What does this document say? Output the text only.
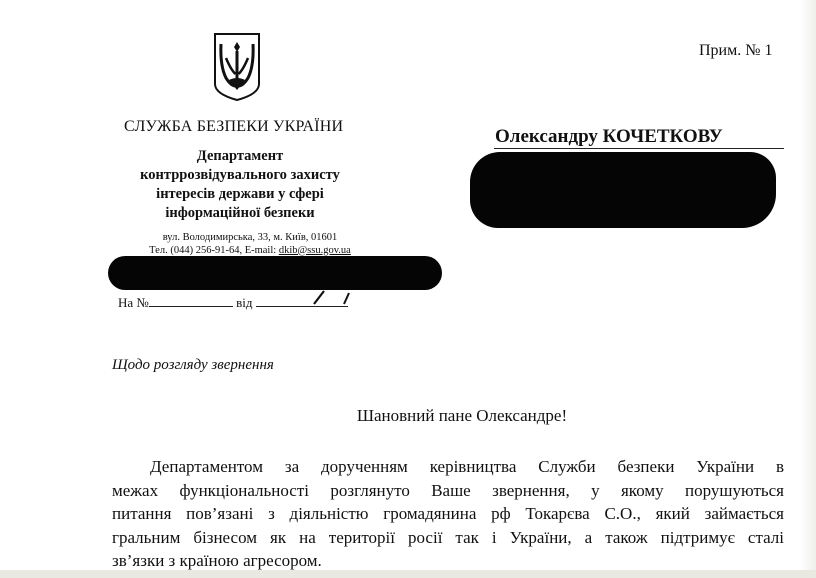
Прим. № 1
СЛУЖБА БЕЗПЕКИ УКРАЇНИ
Департамент
контррозвідувального захисту
інтересів держави у сфері
інформаційної безпеки
вул. Володимирська, 33, м. Київ, 01601
Тел. (044) 256-91-64, E-mail: dkib@ssu.gov.ua
На №	від
Олександру КОЧЕТКОВУ
Щодо розгляду звернення
Шановний пане Олександре!
Департаментом за дорученням керівництва Служби безпеки України в
межах функціональності розглянуто Ваше звернення, у якому порушуються
питання пов’язані з діяльністю громадянина рф Токарєва С.О., який займається
гральним бізнесом як на території росії так і України, а також підтримує сталі
зв’язки з країною агресором.
